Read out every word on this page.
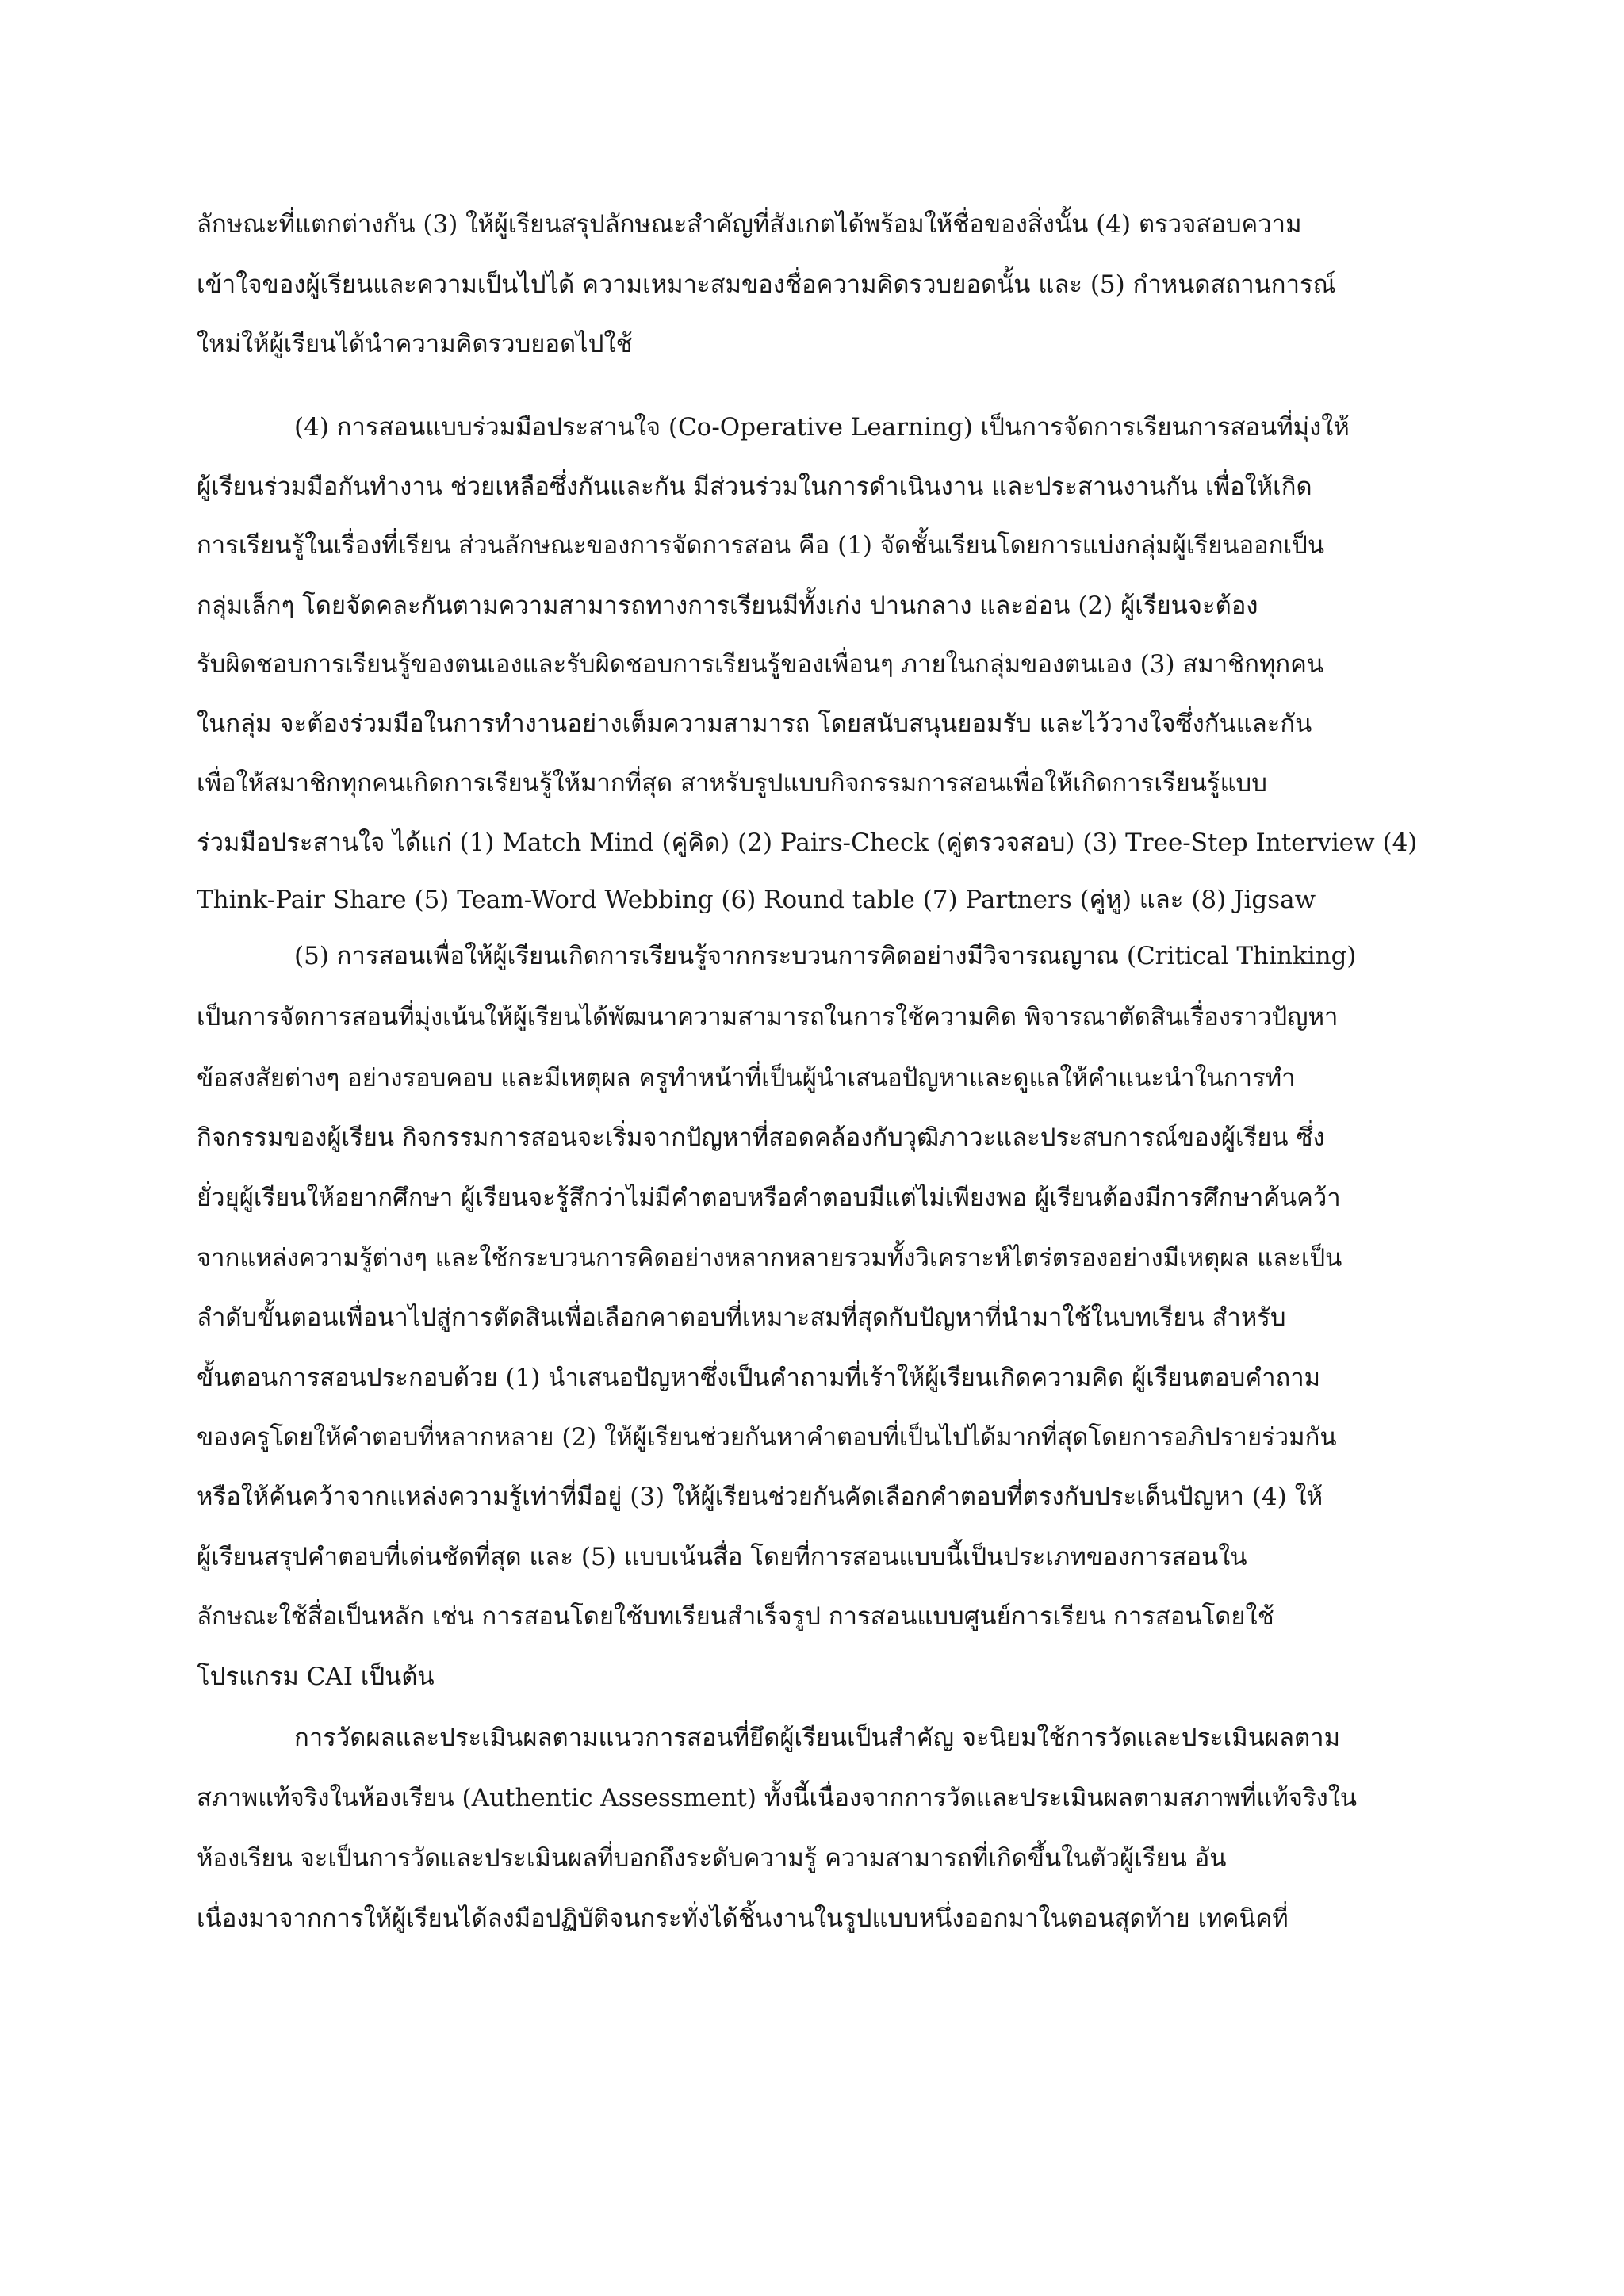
ลักษณะที่แตกต่างกัน (3) ให้ผู้เรียนสรุปลักษณะสำคัญที่สังเกตได้พร้อมให้ชื่อของสิ่งนั้น (4) ตรวจสอบความ
เข้าใจของผู้เรียนและความเป็นไปได้ ความเหมาะสมของชื่อความคิดรวบยอดนั้น และ (5) กำหนดสถานการณ์
ใหม่ให้ผู้เรียนได้นำความคิดรวบยอดไปใช้
(4) การสอนแบบร่วมมือประสานใจ (Co-Operative Learning) เป็นการจัดการเรียนการสอนที่มุ่งให้
ผู้เรียนร่วมมือกันทำงาน ช่วยเหลือซึ่งกันและกัน มีส่วนร่วมในการดำเนินงาน และประสานงานกัน เพื่อให้เกิด
การเรียนรู้ในเรื่องที่เรียน ส่วนลักษณะของการจัดการสอน คือ (1) จัดชั้นเรียนโดยการแบ่งกลุ่มผู้เรียนออกเป็น
กลุ่มเล็กๆ โดยจัดคละกันตามความสามารถทางการเรียนมีทั้งเก่ง ปานกลาง และอ่อน (2) ผู้เรียนจะต้อง
รับผิดชอบการเรียนรู้ของตนเองและรับผิดชอบการเรียนรู้ของเพื่อนๆ ภายในกลุ่มของตนเอง (3) สมาชิกทุกคน
ในกลุ่ม จะต้องร่วมมือในการทำงานอย่างเต็มความสามารถ โดยสนับสนุนยอมรับ และไว้วางใจซึ่งกันและกัน
เพื่อให้สมาชิกทุกคนเกิดการเรียนรู้ให้มากที่สุด สาหรับรูปแบบกิจกรรมการสอนเพื่อให้เกิดการเรียนรู้แบบ
ร่วมมือประสานใจ ได้แก่ (1) Match Mind (คู่คิด) (2) Pairs-Check (คู่ตรวจสอบ) (3) Tree-Step Interview (4)
Think-Pair Share (5) Team-Word Webbing (6) Round table (7) Partners (คู่หู) และ (8) Jigsaw
(5) การสอนเพื่อให้ผู้เรียนเกิดการเรียนรู้จากกระบวนการคิดอย่างมีวิจารณญาณ (Critical Thinking)
เป็นการจัดการสอนที่มุ่งเน้นให้ผู้เรียนได้พัฒนาความสามารถในการใช้ความคิด พิจารณาตัดสินเรื่องราวปัญหา
ข้อสงสัยต่างๆ อย่างรอบคอบ และมีเหตุผล ครูทำหน้าที่เป็นผู้นำเสนอปัญหาและดูแลให้คำแนะนำในการทำ
กิจกรรมของผู้เรียน กิจกรรมการสอนจะเริ่มจากปัญหาที่สอดคล้องกับวุฒิภาวะและประสบการณ์ของผู้เรียน ซึ่ง
ยั่วยุผู้เรียนให้อยากศึกษา ผู้เรียนจะรู้สึกว่าไม่มีคำตอบหรือคำตอบมีแต่ไม่เพียงพอ ผู้เรียนต้องมีการศึกษาค้นคว้า
จากแหล่งความรู้ต่างๆ และใช้กระบวนการคิดอย่างหลากหลายรวมทั้งวิเคราะห์ไตร่ตรองอย่างมีเหตุผล และเป็น
ลำดับขั้นตอนเพื่อนาไปสู่การตัดสินเพื่อเลือกคาตอบที่เหมาะสมที่สุดกับปัญหาที่นำมาใช้ในบทเรียน สำหรับ
ขั้นตอนการสอนประกอบด้วย (1) นำเสนอปัญหาซึ่งเป็นคำถามที่เร้าให้ผู้เรียนเกิดความคิด ผู้เรียนตอบคำถาม
ของครูโดยให้คำตอบที่หลากหลาย (2) ให้ผู้เรียนช่วยกันหาคำตอบที่เป็นไปได้มากที่สุดโดยการอภิปรายร่วมกัน
หรือให้ค้นคว้าจากแหล่งความรู้เท่าที่มีอยู่ (3) ให้ผู้เรียนช่วยกันคัดเลือกคำตอบที่ตรงกับประเด็นปัญหา (4) ให้
ผู้เรียนสรุปคำตอบที่เด่นชัดที่สุด และ (5) แบบเน้นสื่อ โดยที่การสอนแบบนี้เป็นประเภทของการสอนใน
ลักษณะใช้สื่อเป็นหลัก เช่น การสอนโดยใช้บทเรียนสำเร็จรูป การสอนแบบศูนย์การเรียน การสอนโดยใช้
โปรแกรม CAI เป็นต้น
การวัดผลและประเมินผลตามแนวการสอนที่ยึดผู้เรียนเป็นสำคัญ จะนิยมใช้การวัดและประเมินผลตาม
สภาพแท้จริงในห้องเรียน (Authentic Assessment) ทั้งนี้เนื่องจากการวัดและประเมินผลตามสภาพที่แท้จริงใน
ห้องเรียน จะเป็นการวัดและประเมินผลที่บอกถึงระดับความรู้ ความสามารถที่เกิดขึ้นในตัวผู้เรียน อัน
เนื่องมาจากการให้ผู้เรียนได้ลงมือปฏิบัติจนกระทั่งได้ชิ้นงานในรูปแบบหนึ่งออกมาในตอนสุดท้าย เทคนิคที่
